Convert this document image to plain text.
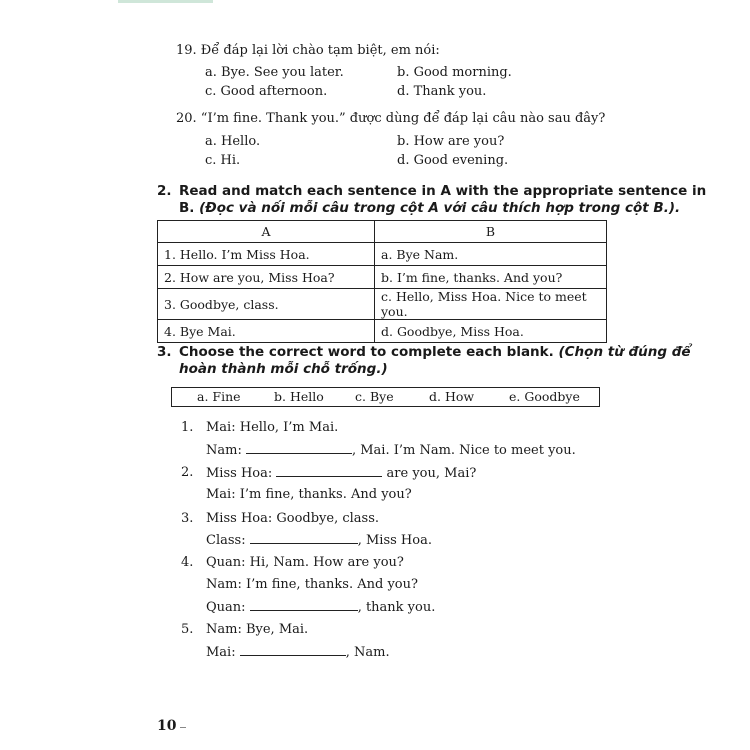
19. Để đáp lại lời chào tạm biệt, em nói:
a. Bye. See you later.	b. Good morning.
c. Good afternoon.	d. Thank you.
20. “I’m fine. Thank you.” được dùng để đáp lại câu nào sau đây?
a. Hello.	b. How are you?
c. Hi.	d. Good evening.
2. Read and match each sentence in A with the appropriate sentence in
B. (Đọc và nối mỗi câu trong cột A với câu thích hợp trong cột B.).
A	B
1. Hello. I’m Miss Hoa.	a. Bye Nam.
2. How are you, Miss Hoa?	b. I’m fine, thanks. And you?
3. Goodbye, class.	c. Hello, Miss Hoa. Nice to meet you.
4. Bye Mai.	d. Goodbye, Miss Hoa.
3. Choose the correct word to complete each blank. (Chọn từ đúng để
hoàn thành mỗi chỗ trống.)
a. Fine	b. Hello c. Bye	d. How	e. Goodbye
1. Mai: Hello, I’m Mai.
Nam:	, Mai. I’m Nam. Nice to meet you.
2. Miss Hoa:	are you, Mai?
Mai: I’m fine, thanks. And you?
3. Miss Hoa: Goodbye, class.
Class:	, Miss Hoa.
4. Quan: Hi, Nam. How are you?
Nam: I’m fine, thanks. And you?
Quan:	, thank you.
5. Nam: Bye, Mai.
Mai:	, Nam.
10
